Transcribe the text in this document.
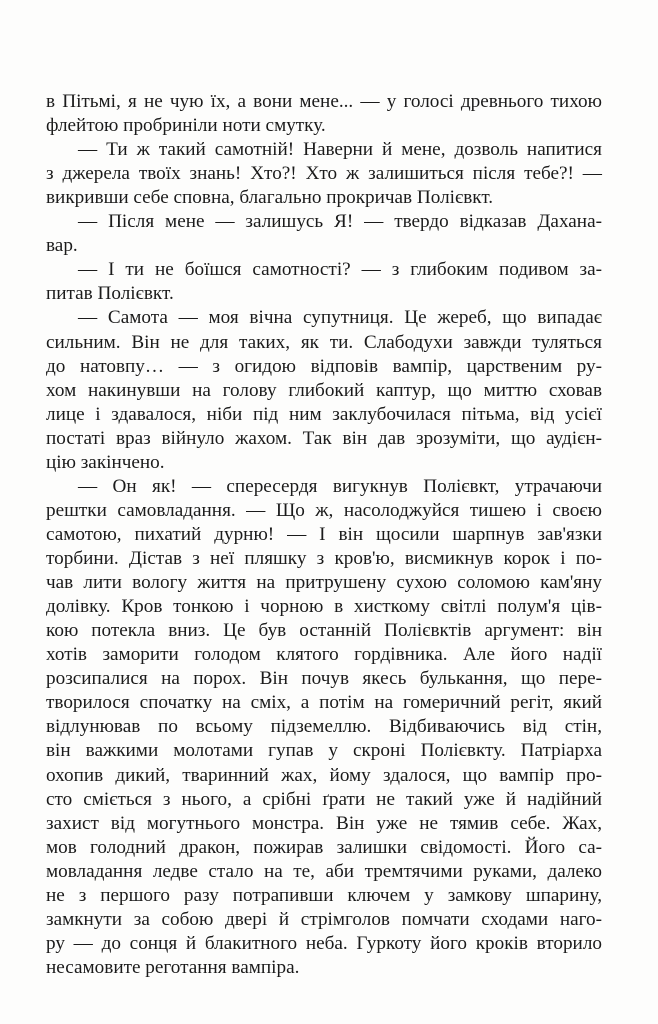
в Пітьмі, я не чую їх, а вони мене... — у голосі древнього тихою
флейтою пробриніли ноти смутку.
— Ти ж такий самотній! Наверни й мене, дозволь напитися
з джерела твоїх знань! Хто?! Хто ж залишиться після тебе?! —
викривши себе сповна, благально прокричав Полієвкт.
— Після мене — залишусь Я! — твердо відказав Дахана-
вар.
— І ти не боїшся самотності? — з глибоким подивом за-
питав Полієвкт.
— Самота — моя вічна супутниця. Це жереб, що випадає
сильним. Він не для таких, як ти. Слабодухи завжди туляться
до натовпу… — з огидою відповів вампір, царственим ру-
хом накинувши на голову глибокий каптур, що миттю сховав
лице і здавалося, ніби під ним заклубочилася пітьма, від усієї
постаті враз війнуло жахом. Так він дав зрозуміти, що аудієн-
цію закінчено.
— Он як! — спересердя вигукнув Полієвкт, утрачаючи
рештки самовладання. — Що ж, насолоджуйся тишею і своєю
самотою, пихатий дурню! — І він щосили шарпнув зав'язки
торбини. Дістав з неї пляшку з кров'ю, висмикнув корок і по-
чав лити вологу життя на притрушену сухою соломою кам'яну
долівку. Кров тонкою і чорною в хисткому світлі полум'я ців-
кою потекла вниз. Це був останній Полієвктів аргумент: він
хотів заморити голодом клятого гордівника. Але його надії
розсипалися на порох. Він почув якесь булькання, що пере-
творилося спочатку на сміх, а потім на гомеричний регіт, який
відлунював по всьому підземеллю. Відбиваючись від стін,
він важкими молотами гупав у скроні Полієвкту. Патріарха
охопив дикий, тваринний жах, йому здалося, що вампір про-
сто сміється з нього, а срібні ґрати не такий уже й надійний
захист від могутнього монстра. Він уже не тямив себе. Жах,
мов голодний дракон, пожирав залишки свідомості. Його са-
мовладання ледве стало на те, аби тремтячими руками, далеко
не з першого разу потрапивши ключем у замкову шпарину,
замкнути за собою двері й стрімголов помчати сходами наго-
ру — до сонця й блакитного неба. Гуркоту його кроків вторило
несамовите реготання вампіра.
